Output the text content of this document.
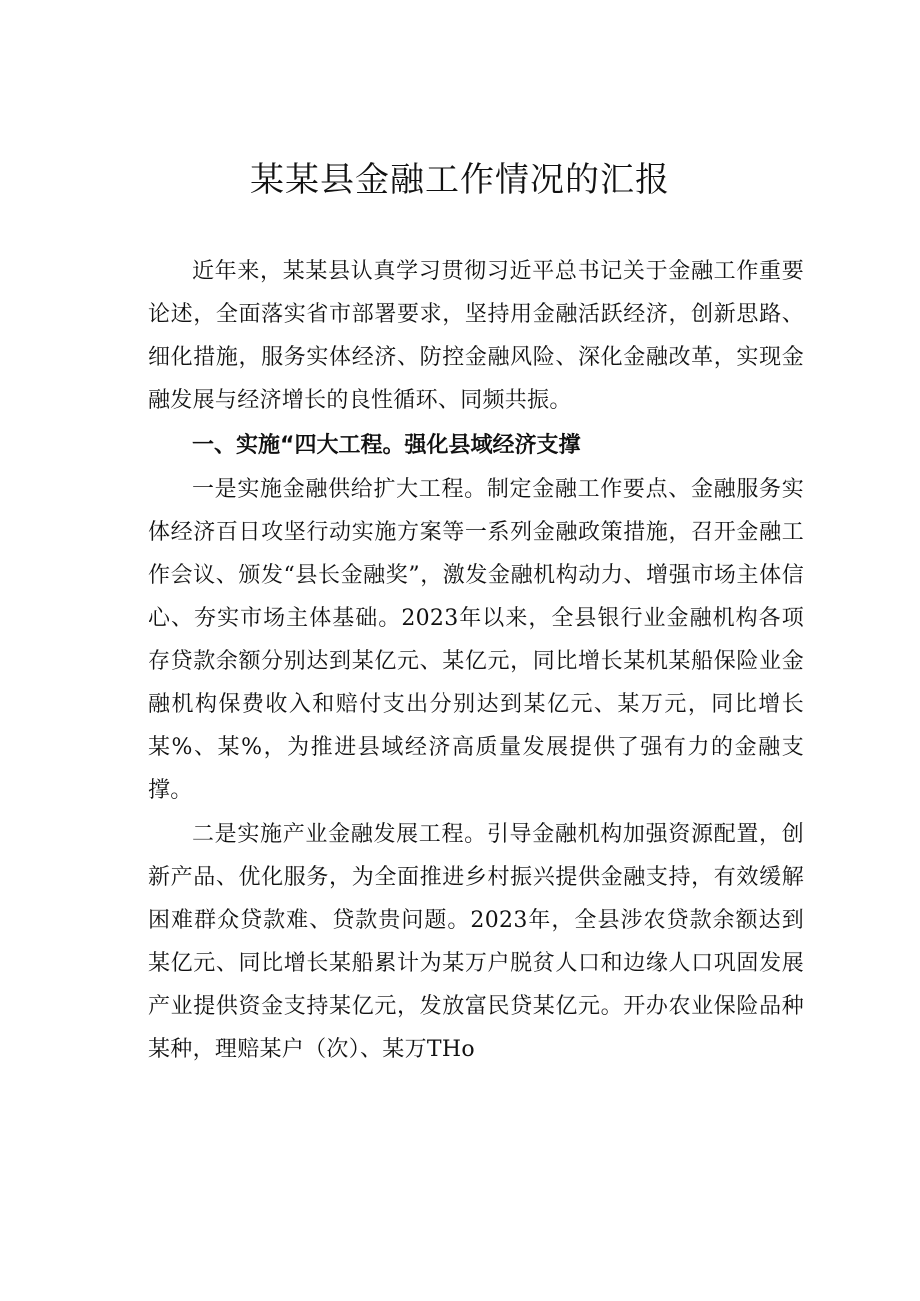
某某县金融工作情况的汇报

近年来，某某县认真学习贯彻习近平总书记关于金融工作重要论述，全面落实省市部署要求，坚持用金融活跃经济，创新思路、细化措施，服务实体经济、防控金融风险、深化金融改革，实现金融发展与经济增长的良性循环、同频共振。

一、实施“四大工程。强化县域经济支撑

一是实施金融供给扩大工程。制定金融工作要点、金融服务实体经济百日攻坚行动实施方案等一系列金融政策措施，召开金融工作会议、颁发“县长金融奖”，激发金融机构动力、增强市场主体信心、夯实市场主体基础。2023年以来，全县银行业金融机构各项存贷款余额分别达到某亿元、某亿元，同比增长某机某船保险业金融机构保费收入和赔付支出分别达到某亿元、某万元，同比增长某%、某%，为推进县域经济高质量发展提供了强有力的金融支撑。

二是实施产业金融发展工程。引导金融机构加强资源配置，创新产品、优化服务，为全面推进乡村振兴提供金融支持，有效缓解困难群众贷款难、贷款贵问题。2023年，全县涉农贷款余额达到某亿元、同比增长某船累计为某万户脱贫人口和边缘人口巩固发展产业提供资金支持某亿元，发放富民贷某亿元。开办农业保险品种某种，理赔某户（次）、某万THo
